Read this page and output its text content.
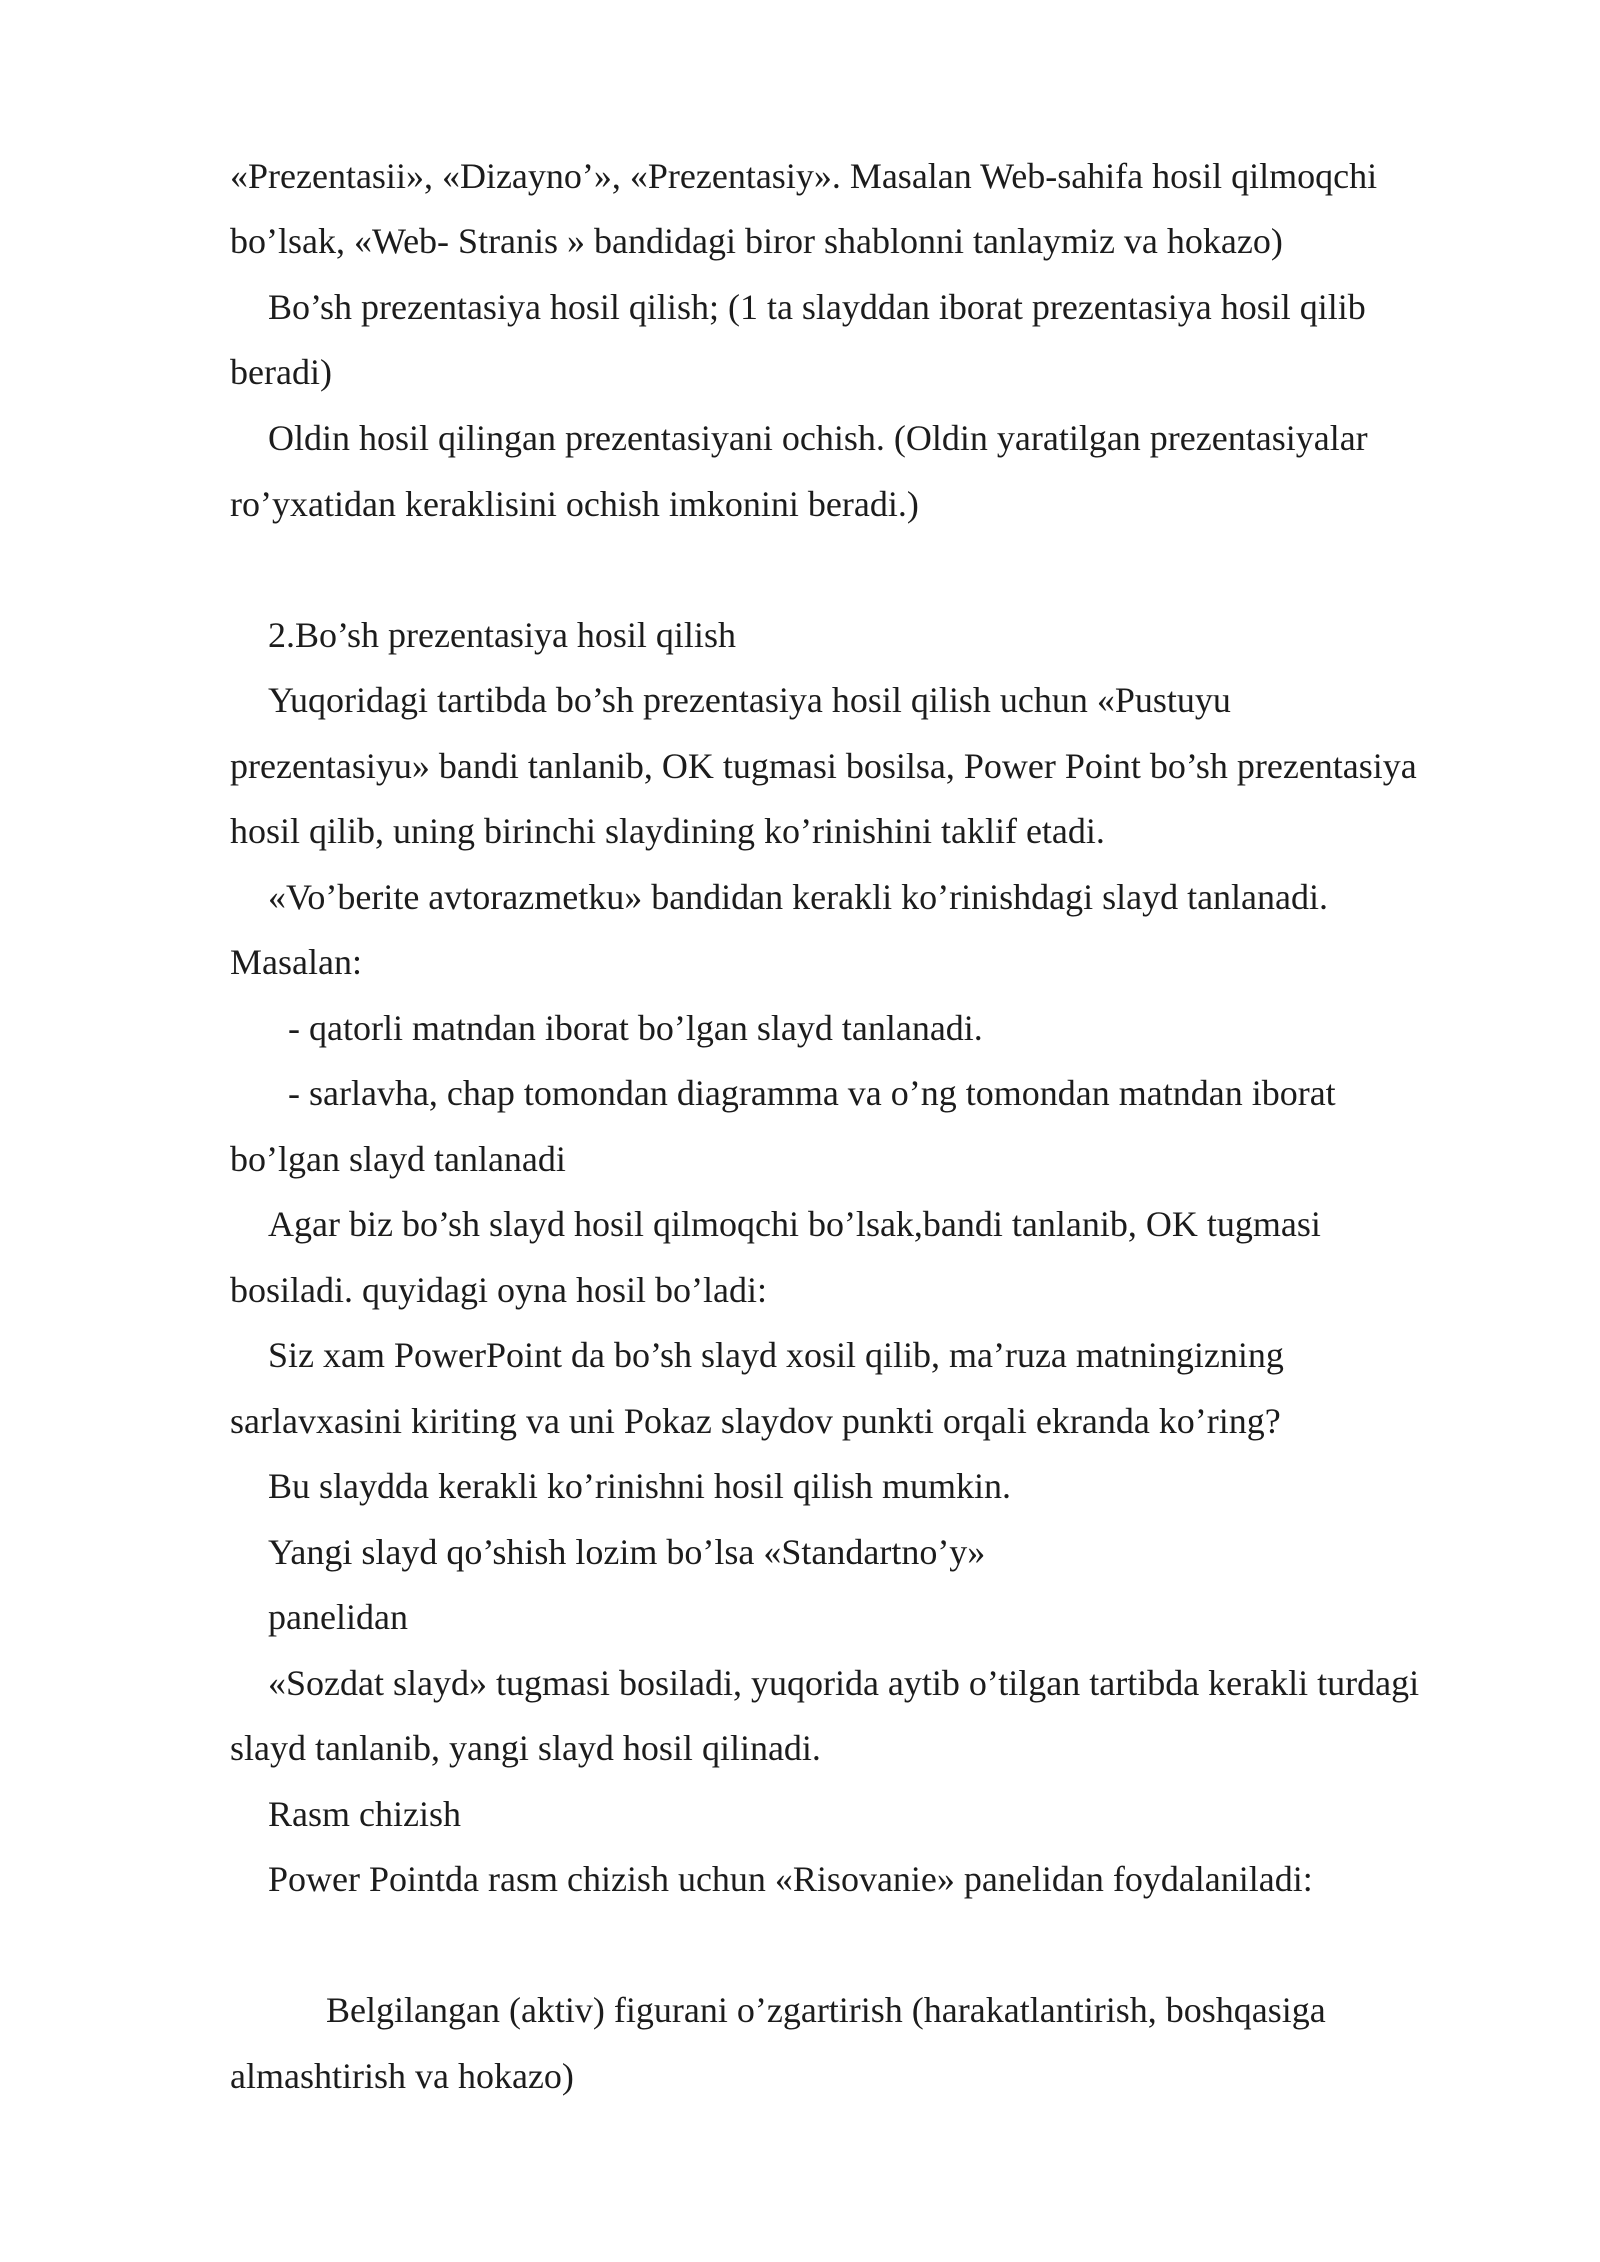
«Prezentasii», «Dizayno’», «Prezentasiy». Masalan Web-sahifa hosil qilmoqchi
bo’lsak, «Web- Stranis » bandidagi biror shablonni tanlaymiz va hokazo)
Bo’sh prezentasiya hosil qilish; (1 ta slayddan iborat prezentasiya hosil qilib
beradi)
Oldin hosil qilingan prezentasiyani ochish. (Oldin yaratilgan prezentasiyalar
ro’yxatidan keraklisini ochish imkonini beradi.)
2.Bo’sh prezentasiya hosil qilish
Yuqoridagi tartibda bo’sh prezentasiya hosil qilish uchun «Pustuyu
prezentasiyu» bandi tanlanib, OK tugmasi bosilsa, Power Point bo’sh prezentasiya
hosil qilib, uning birinchi slaydining ko’rinishini taklif etadi.
«Vo’berite avtorazmetku» bandidan kerakli ko’rinishdagi slayd tanlanadi.
Masalan:
- qatorli matndan iborat bo’lgan slayd tanlanadi.
- sarlavha, chap tomondan diagramma va o’ng tomondan matndan iborat
bo’lgan slayd tanlanadi
Agar biz bo’sh slayd hosil qilmoqchi bo’lsak,bandi tanlanib, OK tugmasi
bosiladi. quyidagi oyna hosil bo’ladi:
Siz xam PowerPoint da bo’sh slayd xosil qilib, ma’ruza matningizning
sarlavxasini kiriting va uni Pokaz slaydov punkti orqali ekranda ko’ring?
Bu slaydda kerakli ko’rinishni hosil qilish mumkin.
Yangi slayd qo’shish lozim bo’lsa «Standartno’y»
panelidan
«Sozdat slayd» tugmasi bosiladi, yuqorida aytib o’tilgan tartibda kerakli turdagi
slayd tanlanib, yangi slayd hosil qilinadi.
Rasm chizish
Power Pointda rasm chizish uchun «Risovanie» panelidan foydalaniladi:
Belgilangan (aktiv) figurani o’zgartirish (harakatlantirish, boshqasiga
almashtirish va hokazo)
